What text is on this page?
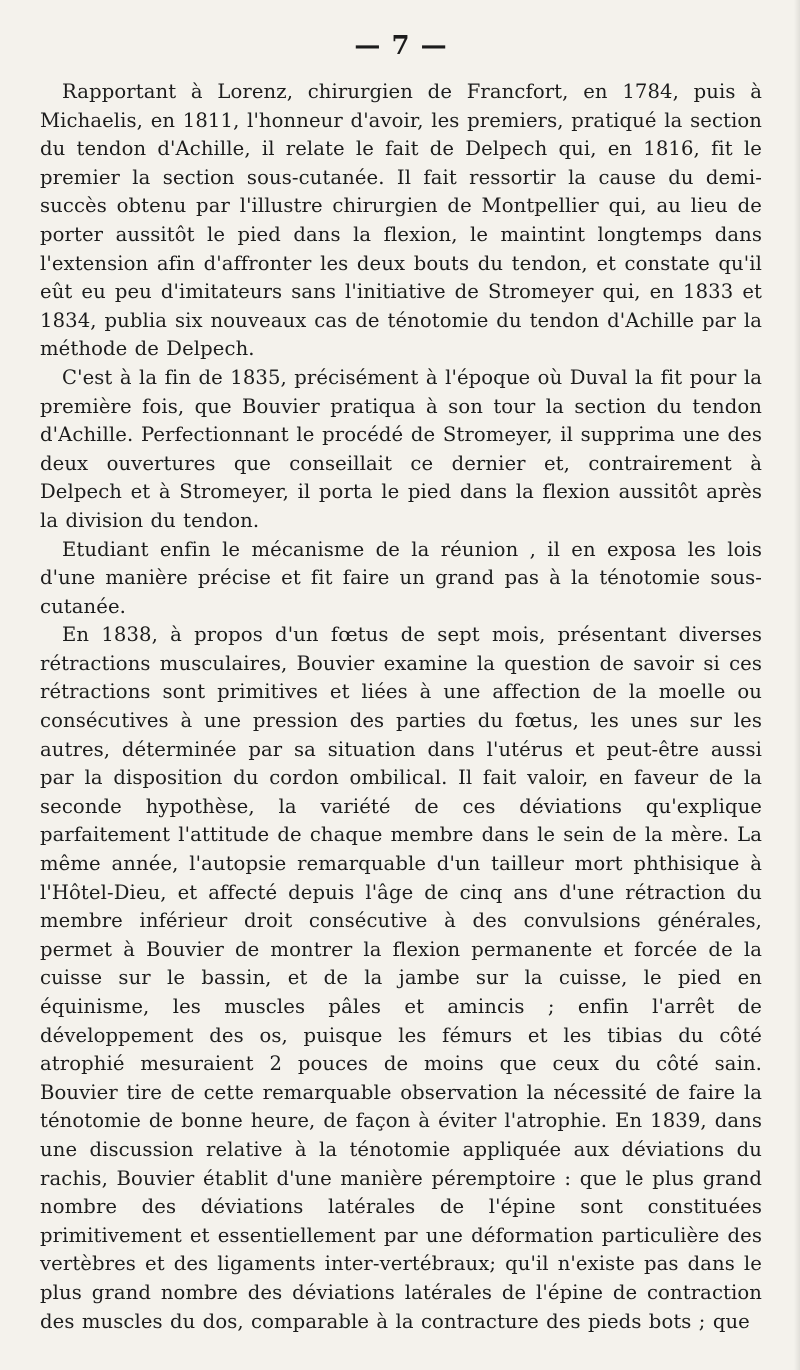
— 7 —

Rapportant à Lorenz, chirurgien de Francfort, en 1784, puis à Michaelis, en 1811, l'honneur d'avoir, les premiers, pratiqué la section du tendon d'Achille, il relate le fait de Delpech qui, en 1816, fit le premier la section sous-cutanée. Il fait ressortir la cause du demi-succès obtenu par l'illustre chirurgien de Montpellier qui, au lieu de porter aussitôt le pied dans la flexion, le maintint longtemps dans l'extension afin d'affronter les deux bouts du tendon, et constate qu'il eût eu peu d'imitateurs sans l'initiative de Stromeyer qui, en 1833 et 1834, publia six nouveaux cas de ténotomie du tendon d'Achille par la méthode de Delpech.

C'est à la fin de 1835, précisément à l'époque où Duval la fit pour la première fois, que Bouvier pratiqua à son tour la section du tendon d'Achille. Perfectionnant le procédé de Stromeyer, il supprima une des deux ouvertures que conseillait ce dernier et, contrairement à Delpech et à Stromeyer, il porta le pied dans la flexion aussitôt après la division du tendon.

Etudiant enfin le mécanisme de la réunion , il en exposa les lois d'une manière précise et fit faire un grand pas à la ténotomie sous-cutanée.

En 1838, à propos d'un fœtus de sept mois, présentant diverses rétractions musculaires, Bouvier examine la question de savoir si ces rétractions sont primitives et liées à une affection de la moelle ou consécutives à une pression des parties du fœtus, les unes sur les autres, déterminée par sa situation dans l'utérus et peut-être aussi par la disposition du cordon ombilical. Il fait valoir, en faveur de la seconde hypothèse, la variété de ces déviations qu'explique parfaitement l'attitude de chaque membre dans le sein de la mère. La même année, l'autopsie remarquable d'un tailleur mort phthisique à l'Hôtel-Dieu, et affecté depuis l'âge de cinq ans d'une rétraction du membre inférieur droit consécutive à des convulsions générales, permet à Bouvier de montrer la flexion permanente et forcée de la cuisse sur le bassin, et de la jambe sur la cuisse, le pied en équinisme, les muscles pâles et amincis ; enfin l'arrêt de développement des os, puisque les fémurs et les tibias du côté atrophié mesuraient 2 pouces de moins que ceux du côté sain. Bouvier tire de cette remarquable observation la nécessité de faire la ténotomie de bonne heure, de façon à éviter l'atrophie. En 1839, dans une discussion relative à la ténotomie appliquée aux déviations du rachis, Bouvier établit d'une manière péremptoire : que le plus grand nombre des déviations latérales de l'épine sont constituées primitivement et essentiellement par une déformation particulière des vertèbres et des ligaments inter-vertébraux; qu'il n'existe pas dans le plus grand nombre des déviations latérales de l'épine de contraction des muscles du dos, comparable à la contracture des pieds bots ; que
